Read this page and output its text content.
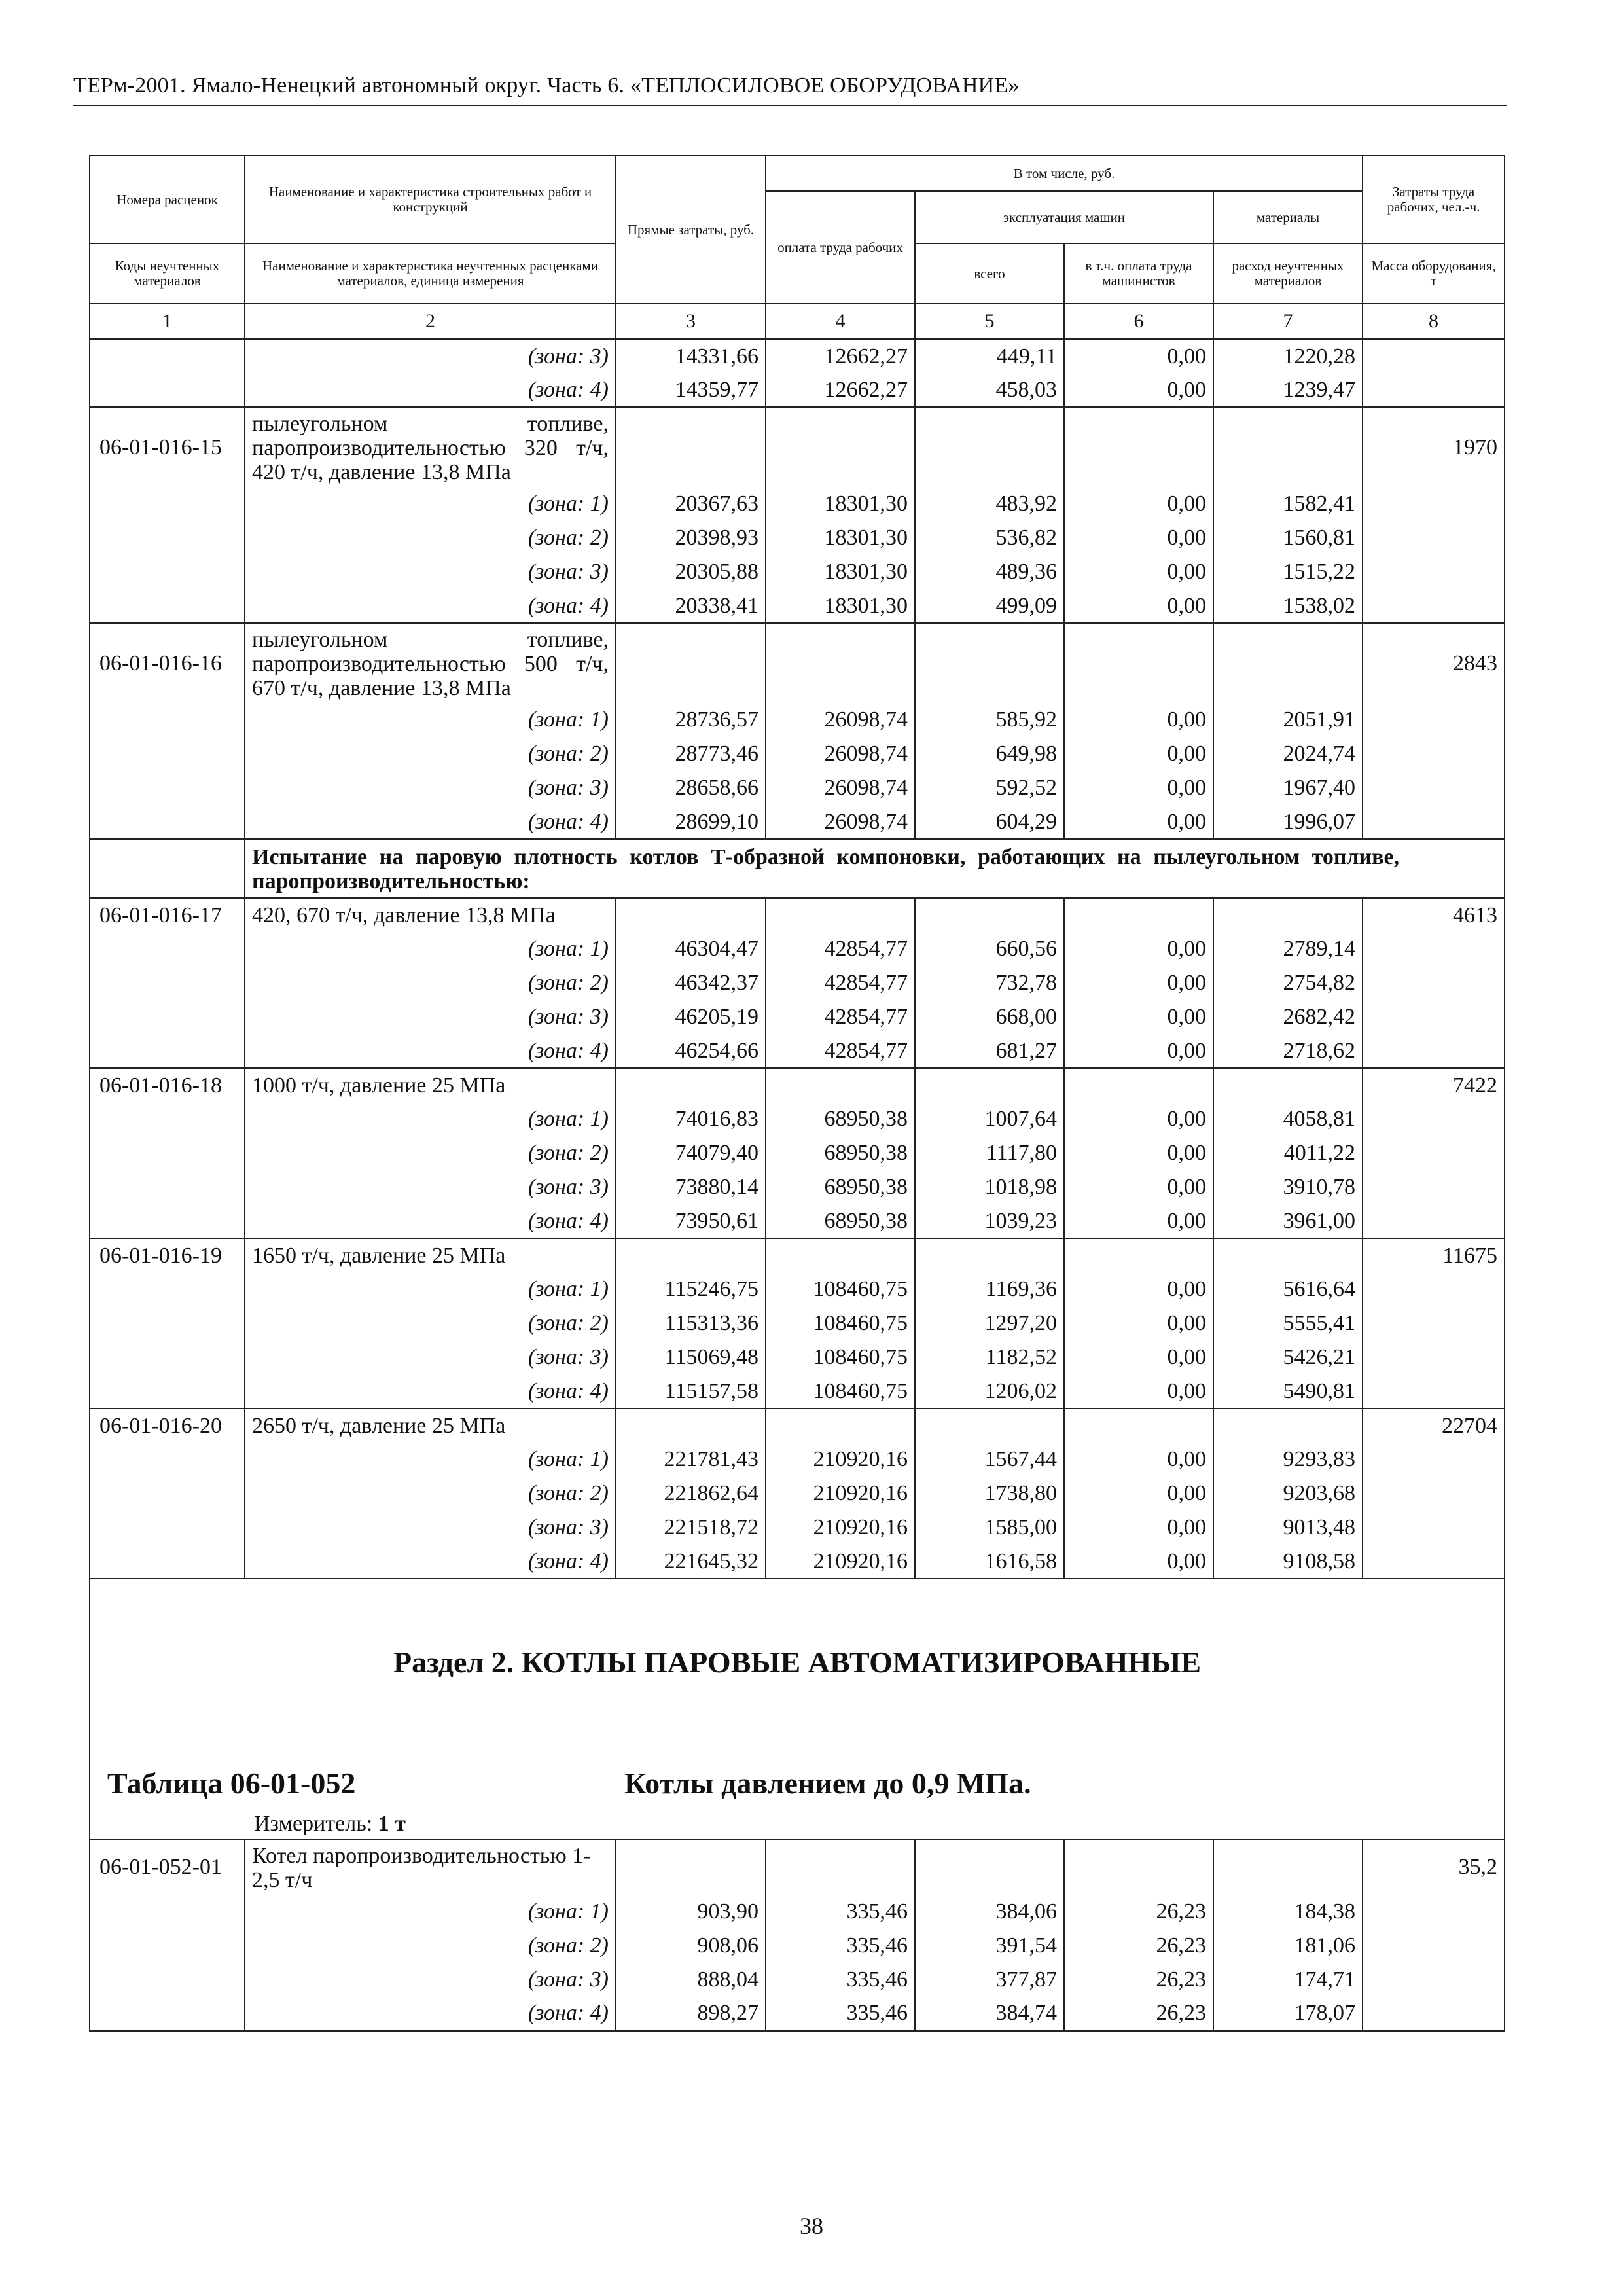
ТЕРм-2001. Ямало-Ненецкий автономный округ. Часть 6. «ТЕПЛОСИЛОВОЕ ОБОРУДОВАНИЕ»
Номера расценок	Наименование и характеристика строительных работ и конструкций	Прямые затраты, руб.	В том числе, руб.				Затраты труда рабочих, чел.-ч.
			оплата труда рабочих	эксплуатация машин		материалы	
Коды неучтенных материалов	Наименование и характеристика неучтенных расценками материалов, единица измерения			всего	в т.ч. оплата труда машинистов	расход неучтенных материалов	Масса оборудования, т
1	2	3	4	5	6	7	8
	(зона: 3)	14331,66	12662,27	449,11	0,00	1220,28	
	(зона: 4)	14359,77	12662,27	458,03	0,00	1239,47	
06-01-016-15	пылеугольном топливе, паропроизводительностью 320 т/ч, 420 т/ч, давление 13,8 МПа						1970
	(зона: 1)	20367,63	18301,30	483,92	0,00	1582,41	
	(зона: 2)	20398,93	18301,30	536,82	0,00	1560,81	
	(зона: 3)	20305,88	18301,30	489,36	0,00	1515,22	
	(зона: 4)	20338,41	18301,30	499,09	0,00	1538,02	
06-01-016-16	пылеугольном топливе, паропроизводительностью 500 т/ч, 670 т/ч, давление 13,8 МПа						2843
	(зона: 1)	28736,57	26098,74	585,92	0,00	2051,91	
	(зона: 2)	28773,46	26098,74	649,98	0,00	2024,74	
	(зона: 3)	28658,66	26098,74	592,52	0,00	1967,40	
	(зона: 4)	28699,10	26098,74	604,29	0,00	1996,07	
	Испытание на паровую плотность котлов Т-образной компоновки, работающих на пылеугольном топливе, паропроизводительностью:						
06-01-016-17	420, 670 т/ч, давление 13,8 МПа						4613
	(зона: 1)	46304,47	42854,77	660,56	0,00	2789,14	
	(зона: 2)	46342,37	42854,77	732,78	0,00	2754,82	
	(зона: 3)	46205,19	42854,77	668,00	0,00	2682,42	
	(зона: 4)	46254,66	42854,77	681,27	0,00	2718,62	
06-01-016-18	1000 т/ч, давление 25 МПа						7422
	(зона: 1)	74016,83	68950,38	1007,64	0,00	4058,81	
	(зона: 2)	74079,40	68950,38	1117,80	0,00	4011,22	
	(зона: 3)	73880,14	68950,38	1018,98	0,00	3910,78	
	(зона: 4)	73950,61	68950,38	1039,23	0,00	3961,00	
06-01-016-19	1650 т/ч, давление 25 МПа						11675
	(зона: 1)	115246,75	108460,75	1169,36	0,00	5616,64	
	(зона: 2)	115313,36	108460,75	1297,20	0,00	5555,41	
	(зона: 3)	115069,48	108460,75	1182,52	0,00	5426,21	
	(зона: 4)	115157,58	108460,75	1206,02	0,00	5490,81	
06-01-016-20	2650 т/ч, давление 25 МПа						22704
	(зона: 1)	221781,43	210920,16	1567,44	0,00	9293,83	
	(зона: 2)	221862,64	210920,16	1738,80	0,00	9203,68	
	(зона: 3)	221518,72	210920,16	1585,00	0,00	9013,48	
	(зона: 4)	221645,32	210920,16	1616,58	0,00	9108,58	

Раздел 2. КОТЛЫ ПАРОВЫЕ АВТОМАТИЗИРОВАННЫЕ
Таблица 06-01-052 Котлы давлением до 0,9 МПа.
Измеритель: 1 т							

06-01-052-01	Котел паропроизводительностью 1-2,5 т/ч						35,2
	(зона: 1)	903,90	335,46	384,06	26,23	184,38	
	(зона: 2)	908,06	335,46	391,54	26,23	181,06	
	(зона: 3)	888,04	335,46	377,87	26,23	174,71	
	(зона: 4)	898,27	335,46	384,74	26,23	178,07	
38
